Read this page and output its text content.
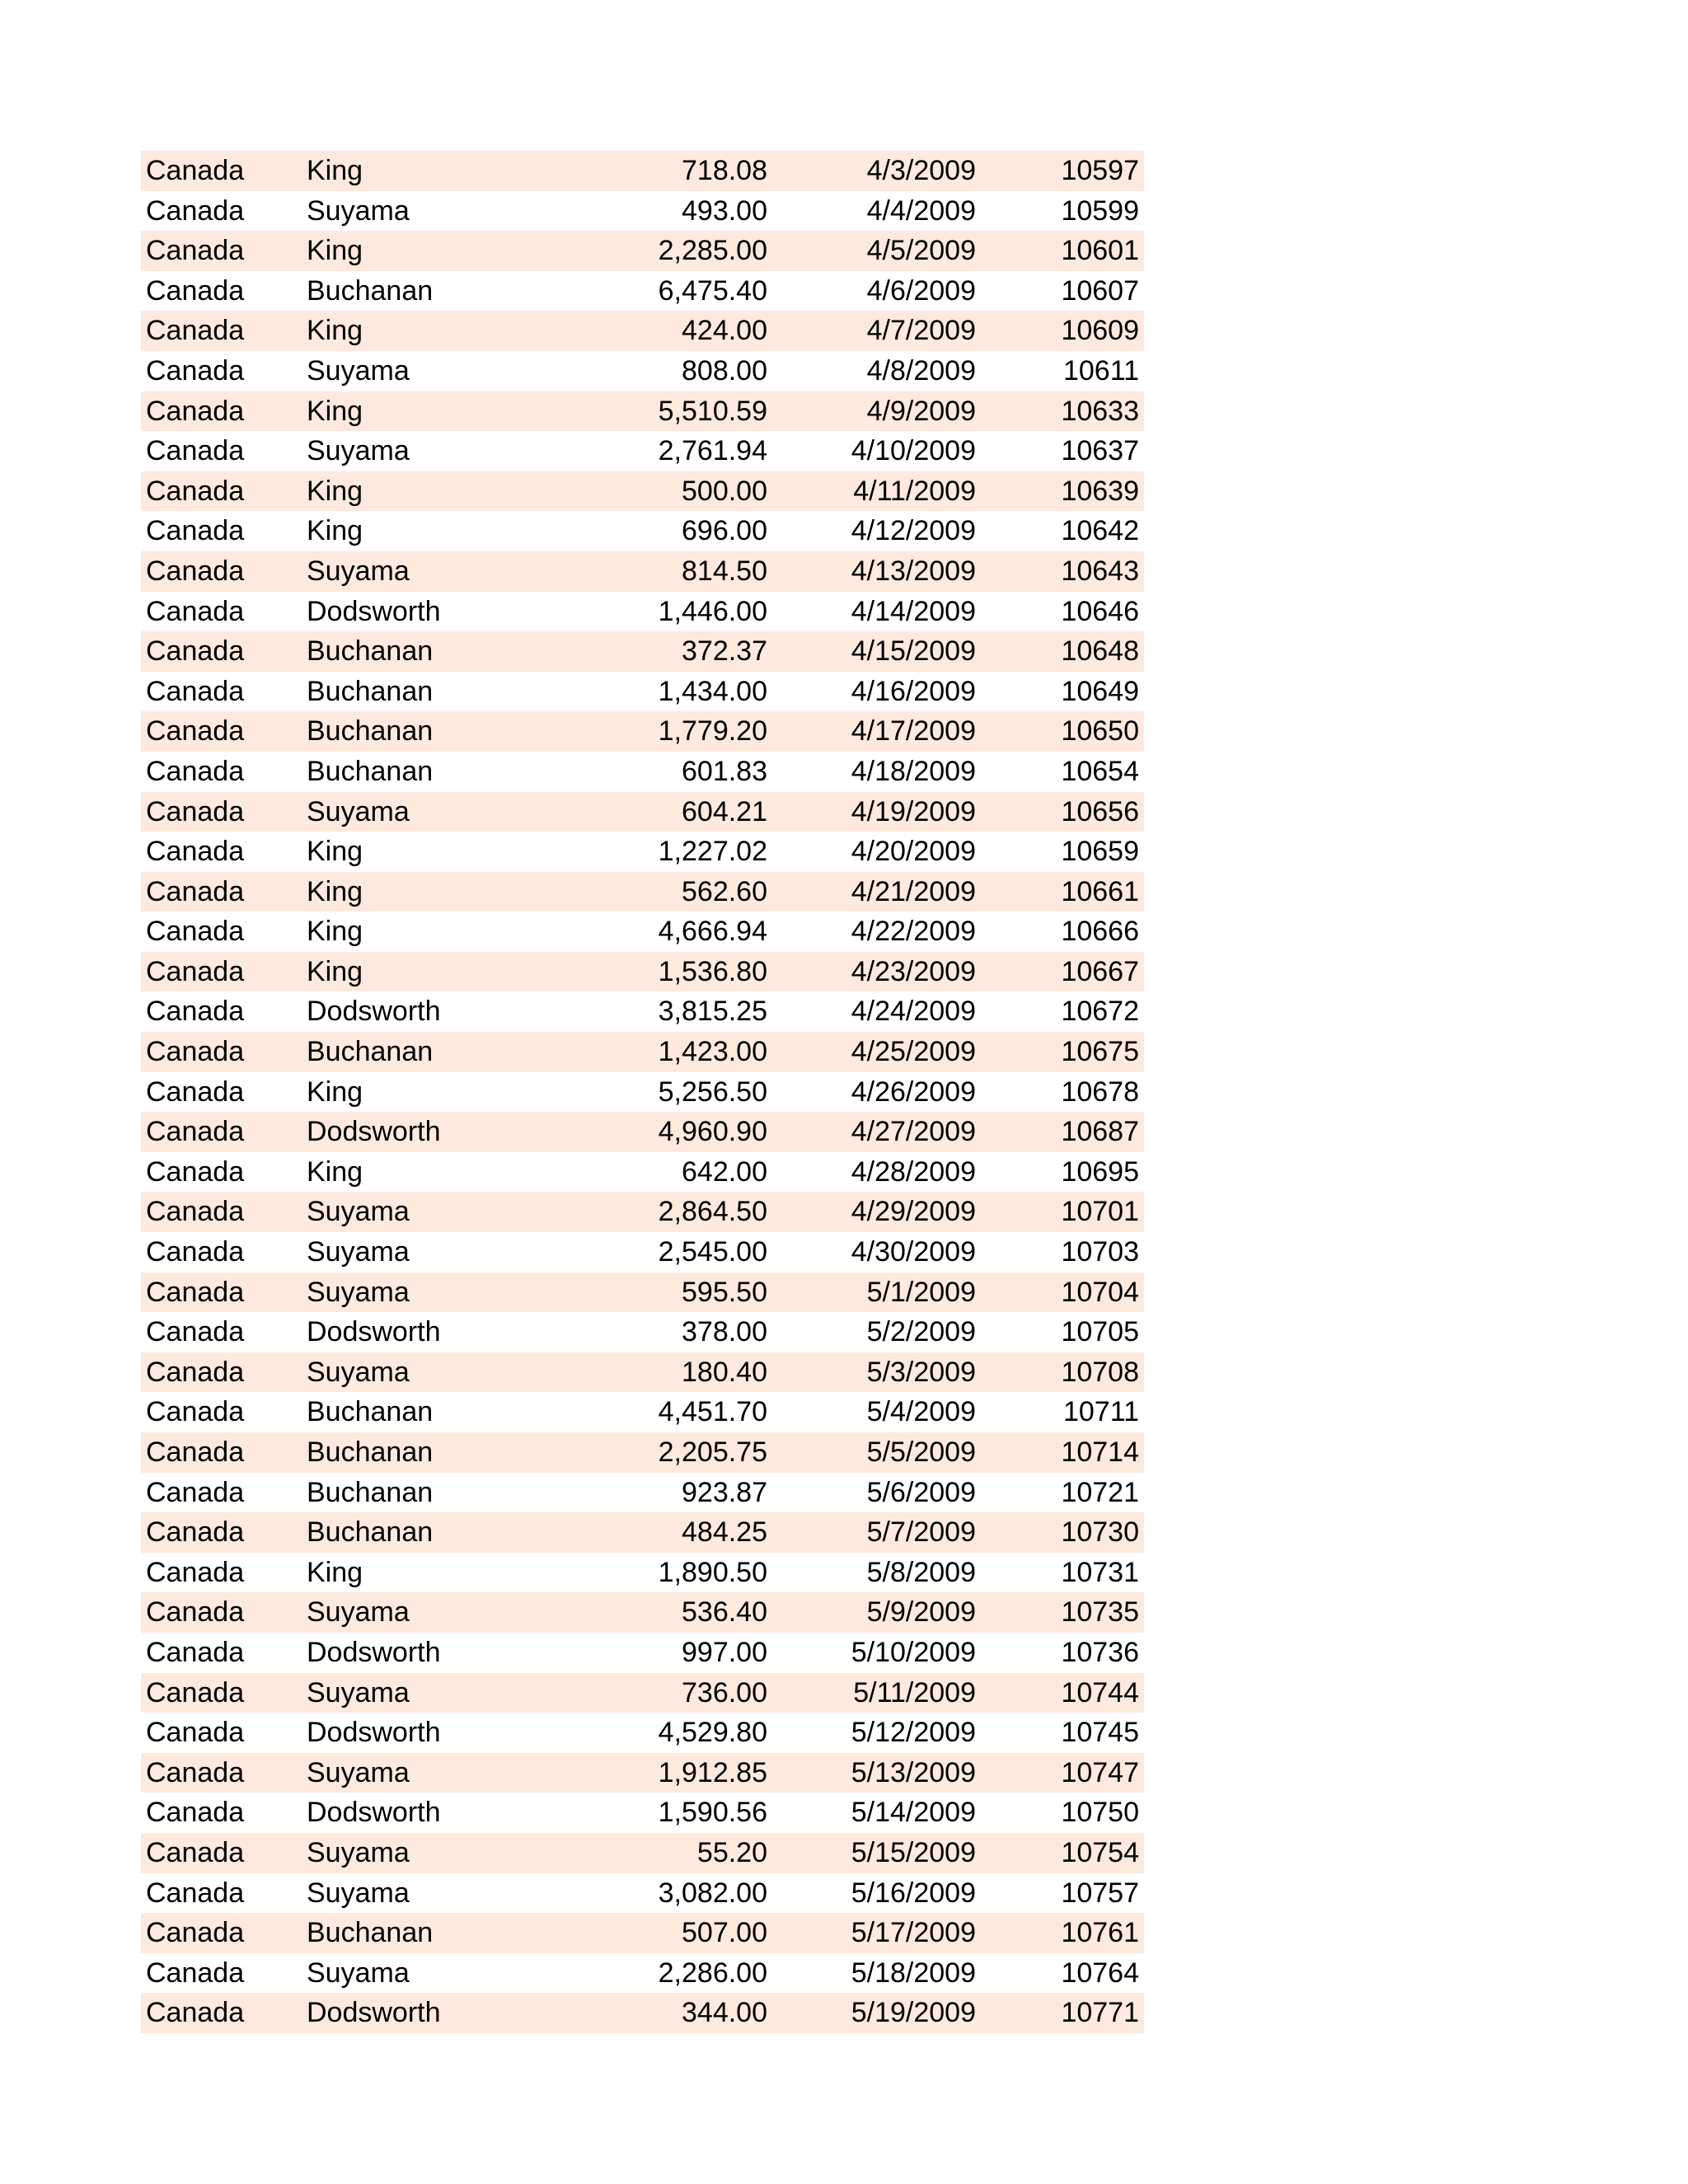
Canada	King	718.08	4/3/2009	10597
Canada	Suyama	493.00	4/4/2009	10599
Canada	King	2,285.00	4/5/2009	10601
Canada	Buchanan	6,475.40	4/6/2009	10607
Canada	King	424.00	4/7/2009	10609
Canada	Suyama	808.00	4/8/2009	10611
Canada	King	5,510.59	4/9/2009	10633
Canada	Suyama	2,761.94	4/10/2009	10637
Canada	King	500.00	4/11/2009	10639
Canada	King	696.00	4/12/2009	10642
Canada	Suyama	814.50	4/13/2009	10643
Canada	Dodsworth	1,446.00	4/14/2009	10646
Canada	Buchanan	372.37	4/15/2009	10648
Canada	Buchanan	1,434.00	4/16/2009	10649
Canada	Buchanan	1,779.20	4/17/2009	10650
Canada	Buchanan	601.83	4/18/2009	10654
Canada	Suyama	604.21	4/19/2009	10656
Canada	King	1,227.02	4/20/2009	10659
Canada	King	562.60	4/21/2009	10661
Canada	King	4,666.94	4/22/2009	10666
Canada	King	1,536.80	4/23/2009	10667
Canada	Dodsworth	3,815.25	4/24/2009	10672
Canada	Buchanan	1,423.00	4/25/2009	10675
Canada	King	5,256.50	4/26/2009	10678
Canada	Dodsworth	4,960.90	4/27/2009	10687
Canada	King	642.00	4/28/2009	10695
Canada	Suyama	2,864.50	4/29/2009	10701
Canada	Suyama	2,545.00	4/30/2009	10703
Canada	Suyama	595.50	5/1/2009	10704
Canada	Dodsworth	378.00	5/2/2009	10705
Canada	Suyama	180.40	5/3/2009	10708
Canada	Buchanan	4,451.70	5/4/2009	10711
Canada	Buchanan	2,205.75	5/5/2009	10714
Canada	Buchanan	923.87	5/6/2009	10721
Canada	Buchanan	484.25	5/7/2009	10730
Canada	King	1,890.50	5/8/2009	10731
Canada	Suyama	536.40	5/9/2009	10735
Canada	Dodsworth	997.00	5/10/2009	10736
Canada	Suyama	736.00	5/11/2009	10744
Canada	Dodsworth	4,529.80	5/12/2009	10745
Canada	Suyama	1,912.85	5/13/2009	10747
Canada	Dodsworth	1,590.56	5/14/2009	10750
Canada	Suyama	55.20	5/15/2009	10754
Canada	Suyama	3,082.00	5/16/2009	10757
Canada	Buchanan	507.00	5/17/2009	10761
Canada	Suyama	2,286.00	5/18/2009	10764
Canada	Dodsworth	344.00	5/19/2009	10771
